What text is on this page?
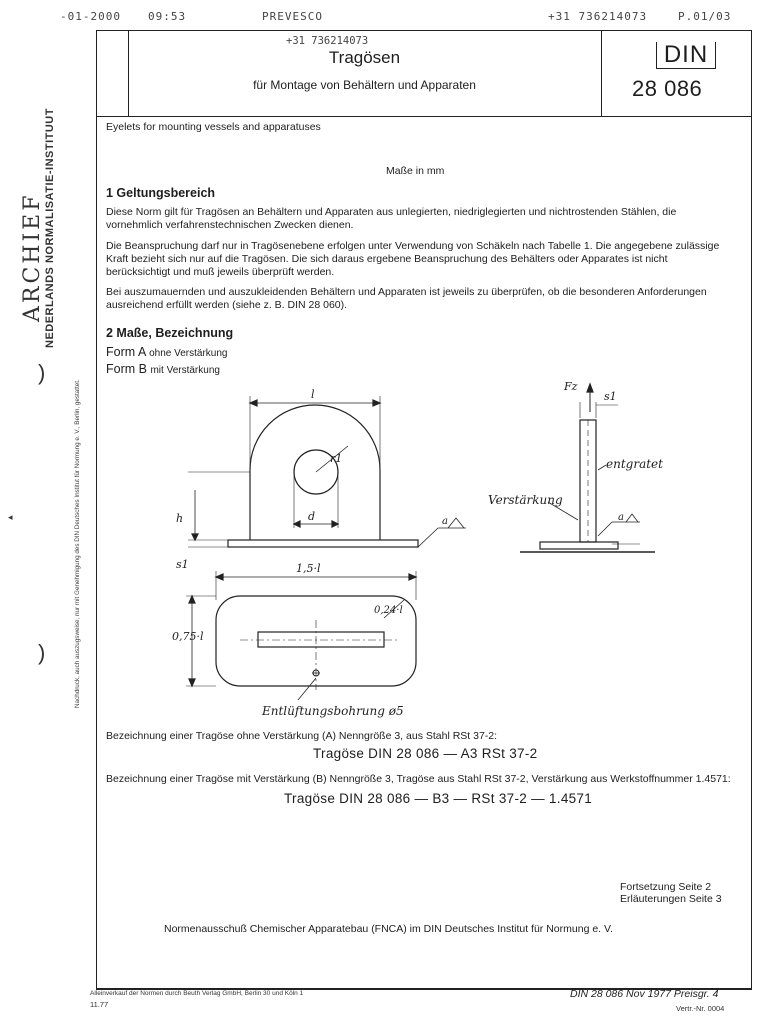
-01-2000 09:53	PREVESCO	+31 736214073	P.01/03
ARCHIEF NEDERLANDS NORMALISATIE-INSTITUUT
)
)	Nachdruck, auch auszugsweise, nur mit Genehmigung des DIN Deutsches Institut für Normung e. V., Berlin, gestattet.
◂
+31 736214073
Tragösen
für Montage von Behältern und Apparaten
DIN
28 086
Eyelets for mounting vessels and apparatuses
Maße in mm
1 Geltungsbereich
Diese Norm gilt für Tragösen an Behältern und Apparaten aus unlegierten, niedriglegierten und nichtrostenden Stählen, die vornehmlich verfahrenstechnischen Zwecken dienen.
Die Beanspruchung darf nur in Tragösenebene erfolgen unter Verwendung von Schäkeln nach Tabelle 1. Die angegebene zulässige Kraft bezieht sich nur auf die Tragösen. Die sich daraus ergebene Beanspruchung des Behälters oder Apparates ist nicht berücksichtigt und muß jeweils überprüft werden.
Bei auszumauernden und auszukleidenden Behältern und Apparaten ist jeweils zu überprüfen, ob die besonderen Anforderungen ausreichend erfüllt werden (siehe z. B. DIN 28 060).
2 Maße, Bezeichnung
Form A ohne Verstärkung
Form B mit Verstärkung
l
r1
d
h
s1	1,5·l
0,75·l
0,24·l
Entlüftungsbohrung ø5
Fz
s1
entgratet
Verstärkung
a	a
Bezeichnung einer Tragöse ohne Verstärkung (A) Nenngröße 3, aus Stahl RSt 37-2:
Tragöse DIN 28 086 — A3 RSt 37-2
Bezeichnung einer Tragöse mit Verstärkung (B) Nenngröße 3, Tragöse aus Stahl RSt 37-2, Verstärkung aus Werkstoffnummer 1.4571:
Tragöse DIN 28 086 — B3 — RSt 37-2 — 1.4571
Fortsetzung Seite 2
Erläuterungen Seite 3
Normenausschuß Chemischer Apparatebau (FNCA) im DIN Deutsches Institut für Normung e. V.
Alleinverkauf der Normen durch Beuth Verlag GmbH, Berlin 30 und Köln 1
11.77
DIN 28 086 Nov 1977 Preisgr. 4
Vertr.-Nr. 0004
